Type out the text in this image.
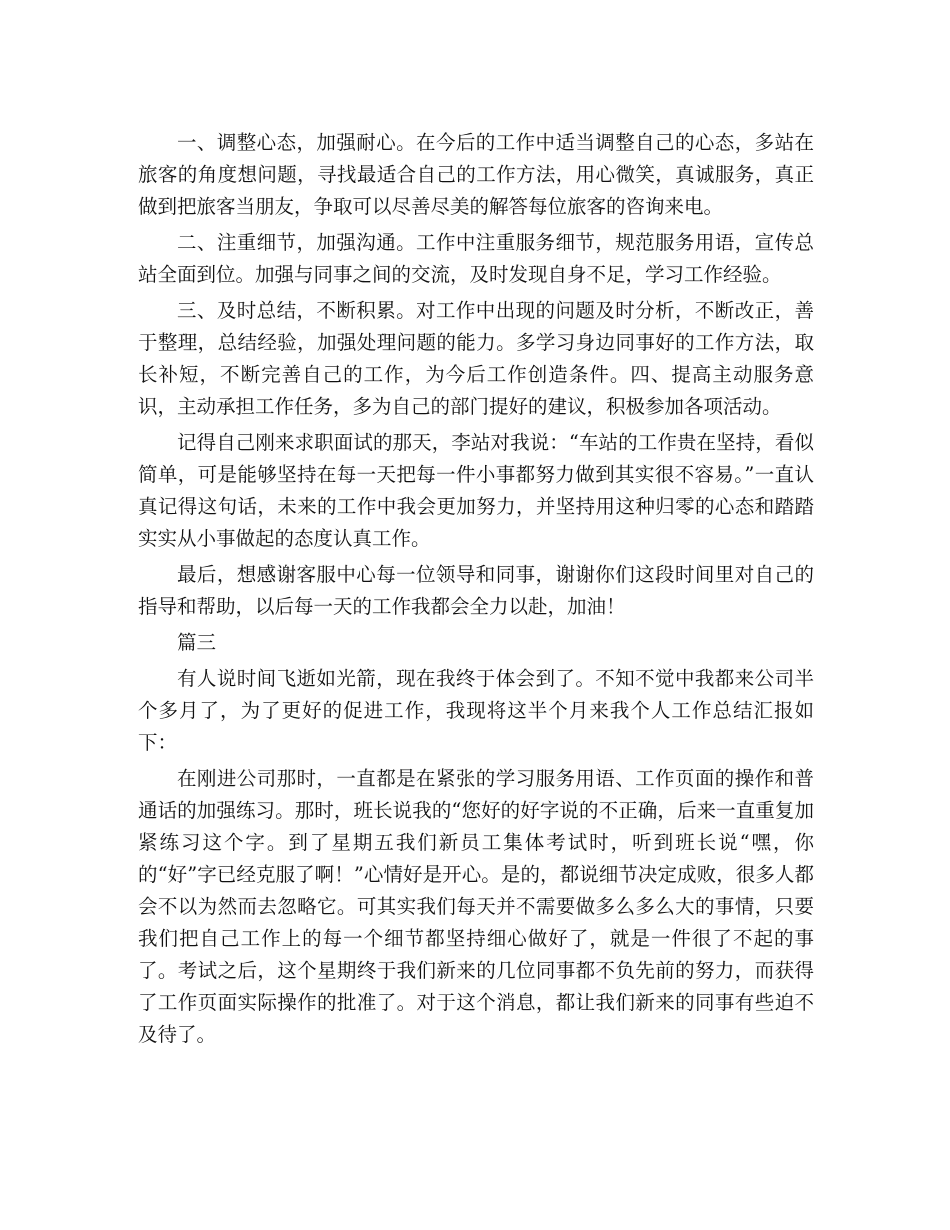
一、调整心态，加强耐心。在今后的工作中适当调整自己的心态，多站在旅客的角度想问题，寻找最适合自己的工作方法，用心微笑，真诚服务，真正做到把旅客当朋友，争取可以尽善尽美的解答每位旅客的咨询来电。

二、注重细节，加强沟通。工作中注重服务细节，规范服务用语，宣传总站全面到位。加强与同事之间的交流，及时发现自身不足，学习工作经验。

三、及时总结，不断积累。对工作中出现的问题及时分析，不断改正，善于整理，总结经验，加强处理问题的能力。多学习身边同事好的工作方法，取长补短，不断完善自己的工作，为今后工作创造条件。四、提高主动服务意识，主动承担工作任务，多为自己的部门提好的建议，积极参加各项活动。

记得自己刚来求职面试的那天，李站对我说：“车站的工作贵在坚持，看似简单，可是能够坚持在每一天把每一件小事都努力做到其实很不容易。”一直认真记得这句话，未来的工作中我会更加努力，并坚持用这种归零的心态和踏踏实实从小事做起的态度认真工作。

最后，想感谢客服中心每一位领导和同事，谢谢你们这段时间里对自己的指导和帮助，以后每一天的工作我都会全力以赴，加油！

篇三

有人说时间飞逝如光箭，现在我终于体会到了。不知不觉中我都来公司半个多月了，为了更好的促进工作，我现将这半个月来我个人工作总结汇报如下：

在刚进公司那时，一直都是在紧张的学习服务用语、工作页面的操作和普通话的加强练习。那时，班长说我的“您好的好字说的不正确，后来一直重复加紧练习这个字。到了星期五我们新员工集体考试时，听到班长说“嘿，你的“好”字已经克服了啊！”心情好是开心。是的，都说细节决定成败，很多人都会不以为然而去忽略它。可其实我们每天并不需要做多么多么大的事情，只要我们把自己工作上的每一个细节都坚持细心做好了，就是一件很了不起的事了。考试之后，这个星期终于我们新来的几位同事都不负先前的努力，而获得了工作页面实际操作的批准了。对于这个消息，都让我们新来的同事有些迫不及待了。
